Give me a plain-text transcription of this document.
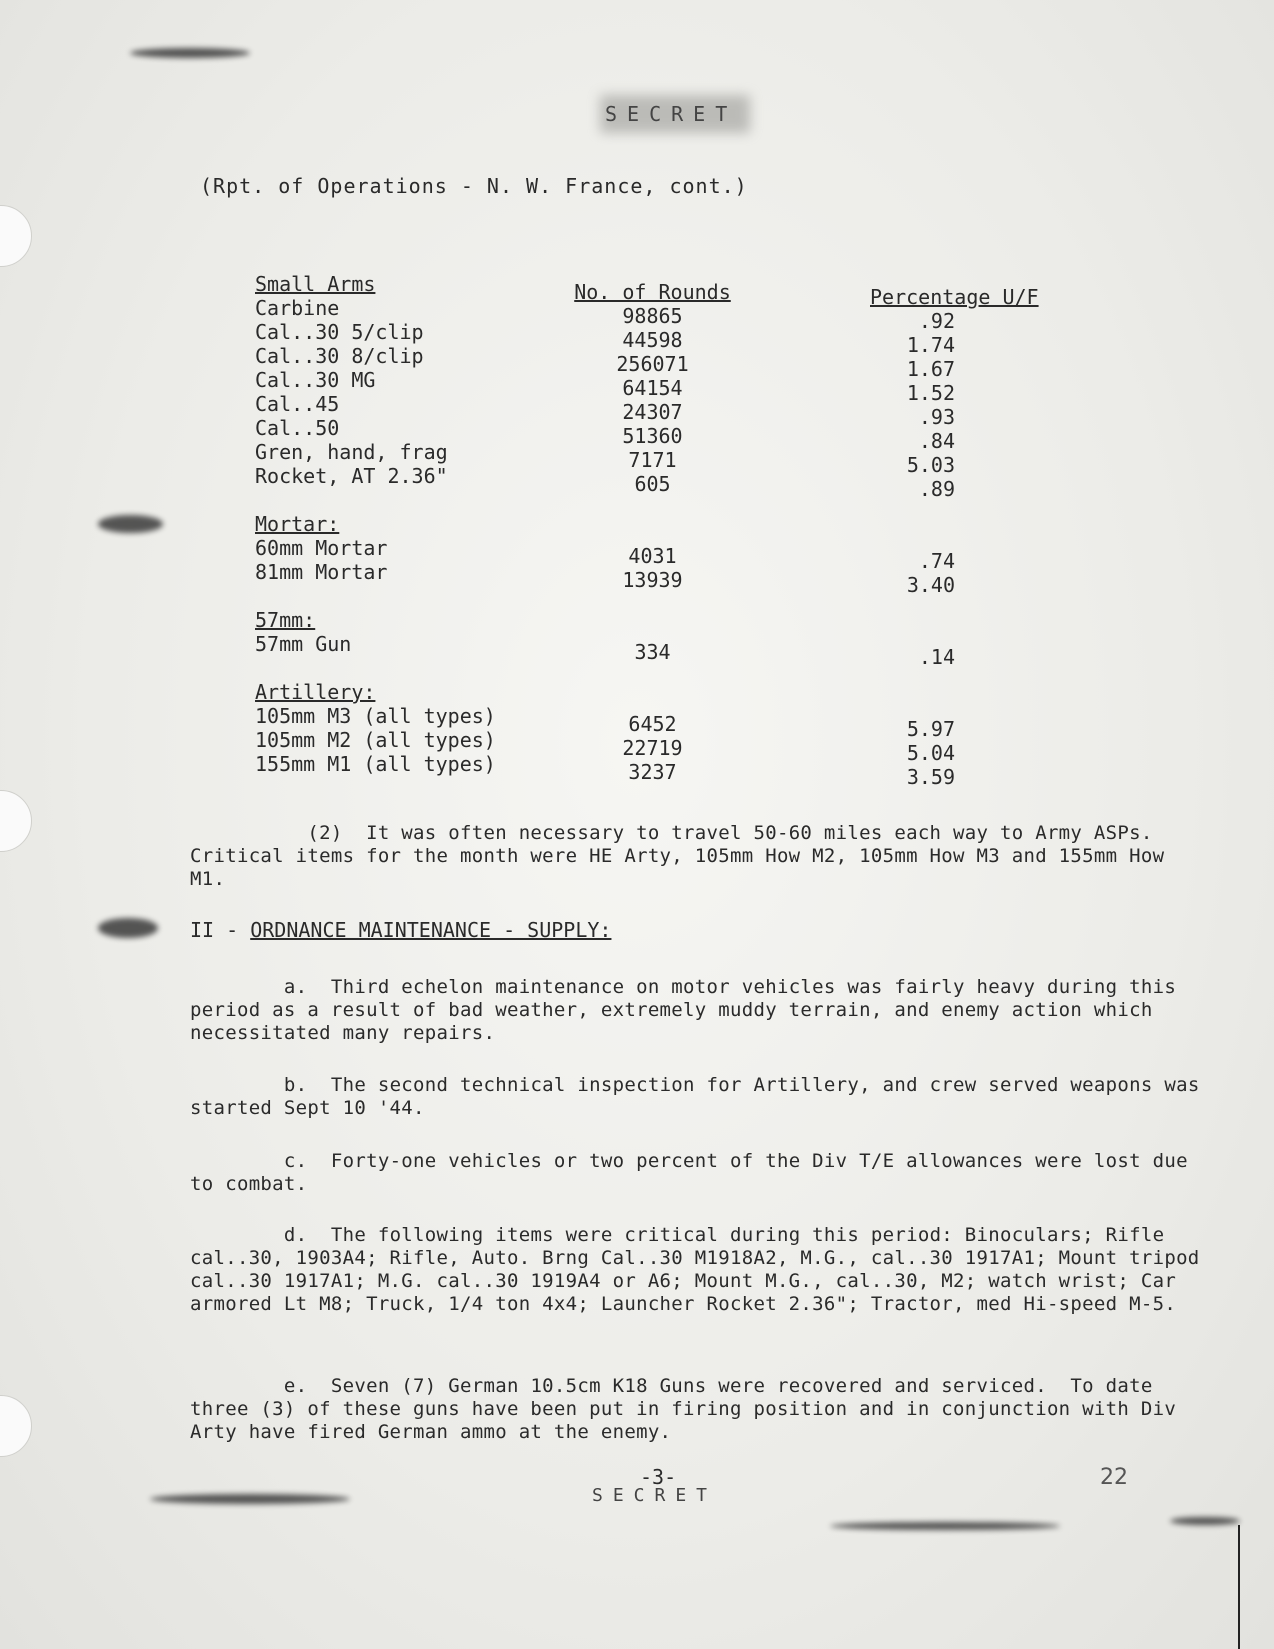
SECRET
(Rpt. of Operations - N. W. France, cont.)
Small Arms
Carbine
Cal..30 5/clip
Cal..30 8/clip
Cal..30 MG
Cal..45
Cal..50
Gren, hand, frag
Rocket, AT 2.36"
Mortar:
60mm Mortar
81mm Mortar
57mm:
57mm Gun
Artillery:
105mm M3 (all types)
105mm M2 (all types)
155mm M1 (all types)
No. of Rounds
98865
44598
256071
64154
24307
51360
7171
605
4031
13939
334
6452
22719
3237
Percentage U/F
.92
1.74
1.67
1.52
.93
.84
5.03
.89
.74
3.40
.14
5.97
5.04
3.59
(2)  It was often necessary to travel 50-60 miles each way to Army ASPs. Critical items for the month were HE Arty, 105mm How M2, 105mm How M3 and 155mm How M1.
II - ORDNANCE MAINTENANCE - SUPPLY:
a.  Third echelon maintenance on motor vehicles was fairly heavy during this period as a result of bad weather, extremely muddy terrain, and enemy action which necessitated many repairs.
b.  The second technical inspection for Artillery, and crew served weapons was started Sept 10 '44.
c.  Forty-one vehicles or two percent of the Div T/E allowances were lost due to combat.
d.  The following items were critical during this period: Binoculars; Rifle cal..30, 1903A4; Rifle, Auto. Brng Cal..30 M1918A2, M.G., cal..30 1917A1; Mount tripod cal..30 1917A1; M.G. cal..30 1919A4 or A6; Mount M.G., cal..30, M2; watch wrist; Car armored Lt M8; Truck, 1/4 ton 4x4; Launcher Rocket 2.36"; Tractor, med Hi-speed M-5.
e.  Seven (7) German 10.5cm K18 Guns were recovered and serviced.  To date three (3) of these guns have been put in firing position and in conjunction with Div Arty have fired German ammo at the enemy.
-3-
SECRET
22
